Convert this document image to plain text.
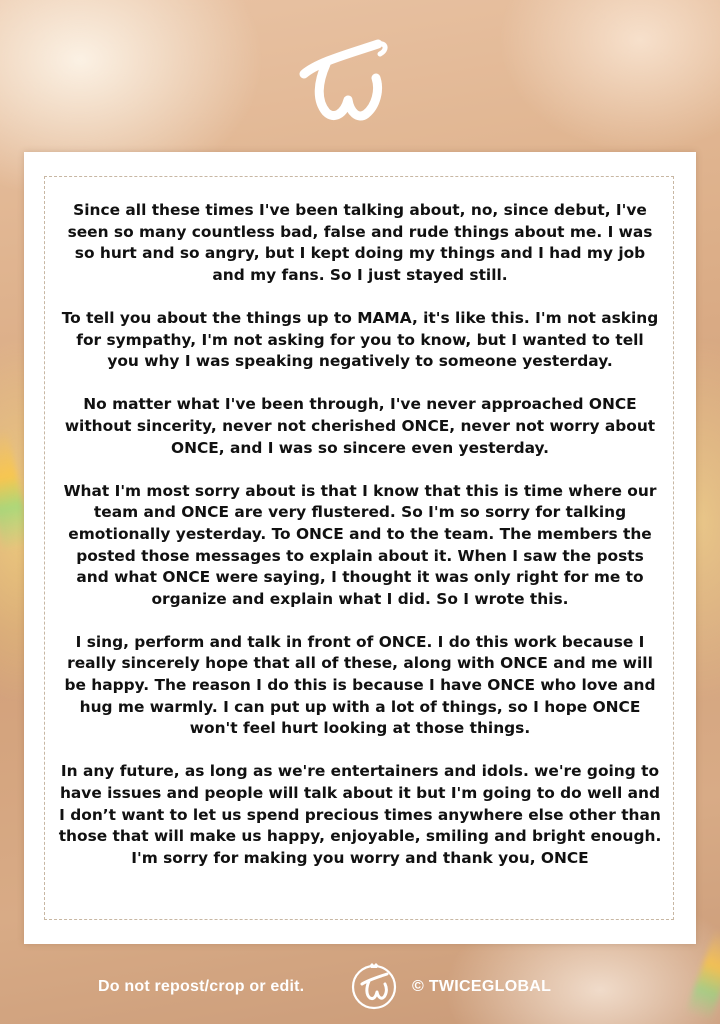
Since all these times I've been talking about, no, since debut, I've seen so many countless bad, false and rude things about me. I was so hurt and so angry, but I kept doing my things and I had my job and my fans. So I just stayed still.

To tell you about the things up to MAMA, it's like this. I'm not asking for sympathy, I'm not asking for you to know, but I wanted to tell you why I was speaking negatively to someone yesterday.

No matter what I've been through, I've never approached ONCE without sincerity, never not cherished ONCE, never not worry about ONCE, and I was so sincere even yesterday.

What I'm most sorry about is that I know that this is time where our team and ONCE are very flustered. So I'm so sorry for talking emotionally yesterday. To ONCE and to the team. The members the posted those messages to explain about it. When I saw the posts and what ONCE were saying, I thought it was only right for me to organize and explain what I did. So I wrote this.

I sing, perform and talk in front of ONCE. I do this work because I really sincerely hope that all of these, along with ONCE and me will be happy. The reason I do this is because I have ONCE who love and hug me warmly. I can put up with a lot of things, so I hope ONCE won't feel hurt looking at those things.

In any future, as long as we're entertainers and idols. we're going to have issues and people will talk about it but I'm going to do well and I don’t want to let us spend precious times anywhere else other than those that will make us happy, enjoyable, smiling and bright enough. I'm sorry for making you worry and thank you, ONCE

Do not repost/crop or edit.	© TWICEGLOBAL
